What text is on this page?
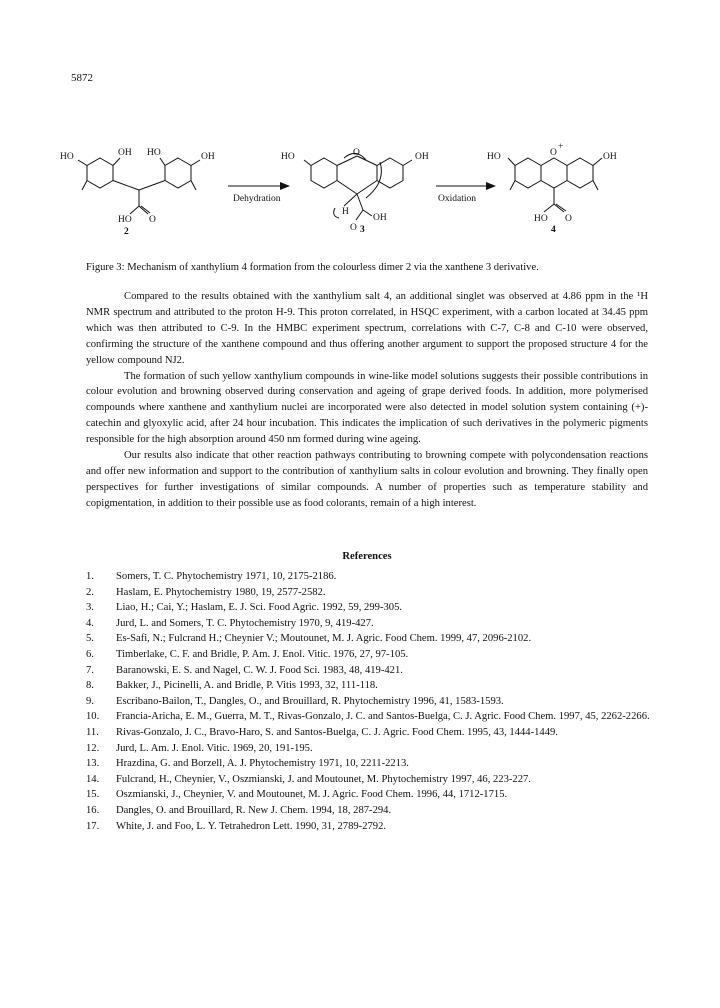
5872
HO	OH HO	OH
HO O
2
Dehydration
HO	O	OH
H
OH
O 3
Oxidation
HO	O
+
OH
HO O
4
Figure 3: Mechanism of xanthylium 4 formation from the colourless dimer 2 via the xanthene 3 derivative.

Compared to the results obtained with the xanthylium salt 4, an additional singlet was observed at 4.86 ppm in the ¹H NMR spectrum and attributed to the proton H-9. This proton correlated, in HSQC experiment, with a carbon located at 34.45 ppm which was then attributed to C-9. In the HMBC experiment spectrum, correlations with C-7, C-8 and C-10 were observed, confirming the structure of the xanthene compound and thus offering another argument to support the proposed structure 4 for the yellow compound NJ2.

The formation of such yellow xanthylium compounds in wine-like model solutions suggests their possible contributions in colour evolution and browning observed during conservation and ageing of grape derived foods. In addition, more polymerised compounds where xanthene and xanthylium nuclei are incorporated were also detected in model solution system containing (+)-catechin and glyoxylic acid, after 24 hour incubation. This indicates the implication of such derivatives in the polymeric pigments responsible for the high absorption around 450 nm formed during wine ageing.

Our results also indicate that other reaction pathways contributing to browning compete with polycondensation reactions and offer new information and support to the contribution of xanthylium salts in colour evolution and browning. They finally open perspectives for further investigations of similar compounds. A number of properties such as temperature stability and copigmentation, in addition to their possible use as food colorants, remain of a high interest.

References
1.	Somers, T. C. Phytochemistry 1971, 10, 2175-2186.
2.	Haslam, E. Phytochemistry 1980, 19, 2577-2582.
3.	Liao, H.; Cai, Y.; Haslam, E. J. Sci. Food Agric. 1992, 59, 299-305.
4.	Jurd, L. and Somers, T. C. Phytochemistry 1970, 9, 419-427.
5.	Es-Safi, N.; Fulcrand H.; Cheynier V.; Moutounet, M. J. Agric. Food Chem. 1999, 47, 2096-2102.
6.	Timberlake, C. F. and Bridle, P. Am. J. Enol. Vitic. 1976, 27, 97-105.
7.	Baranowski, E. S. and Nagel, C. W. J. Food Sci. 1983, 48, 419-421.
8.	Bakker, J., Picinelli, A. and Bridle, P. Vitis 1993, 32, 111-118.
9.	Escribano-Bailon, T., Dangles, O., and Brouillard, R. Phytochemistry 1996, 41, 1583-1593.
10.	Francia-Aricha, E. M., Guerra, M. T., Rivas-Gonzalo, J. C. and Santos-Buelga, C. J. Agric. Food Chem. 1997, 45, 2262-2266.
11.	Rivas-Gonzalo, J. C., Bravo-Haro, S. and Santos-Buelga, C. J. Agric. Food Chem. 1995, 43, 1444-1449.
12.	Jurd, L. Am. J. Enol. Vitic. 1969, 20, 191-195.
13.	Hrazdina, G. and Borzell, A. J. Phytochemistry 1971, 10, 2211-2213.
14.	Fulcrand, H., Cheynier, V., Oszmianski, J. and Moutounet, M. Phytochemistry 1997, 46, 223-227.
15.	Oszmianski, J., Cheynier, V. and Moutounet, M. J. Agric. Food Chem. 1996, 44, 1712-1715.
16.	Dangles, O. and Brouillard, R. New J. Chem. 1994, 18, 287-294.
17.	White, J. and Foo, L. Y. Tetrahedron Lett. 1990, 31, 2789-2792.
